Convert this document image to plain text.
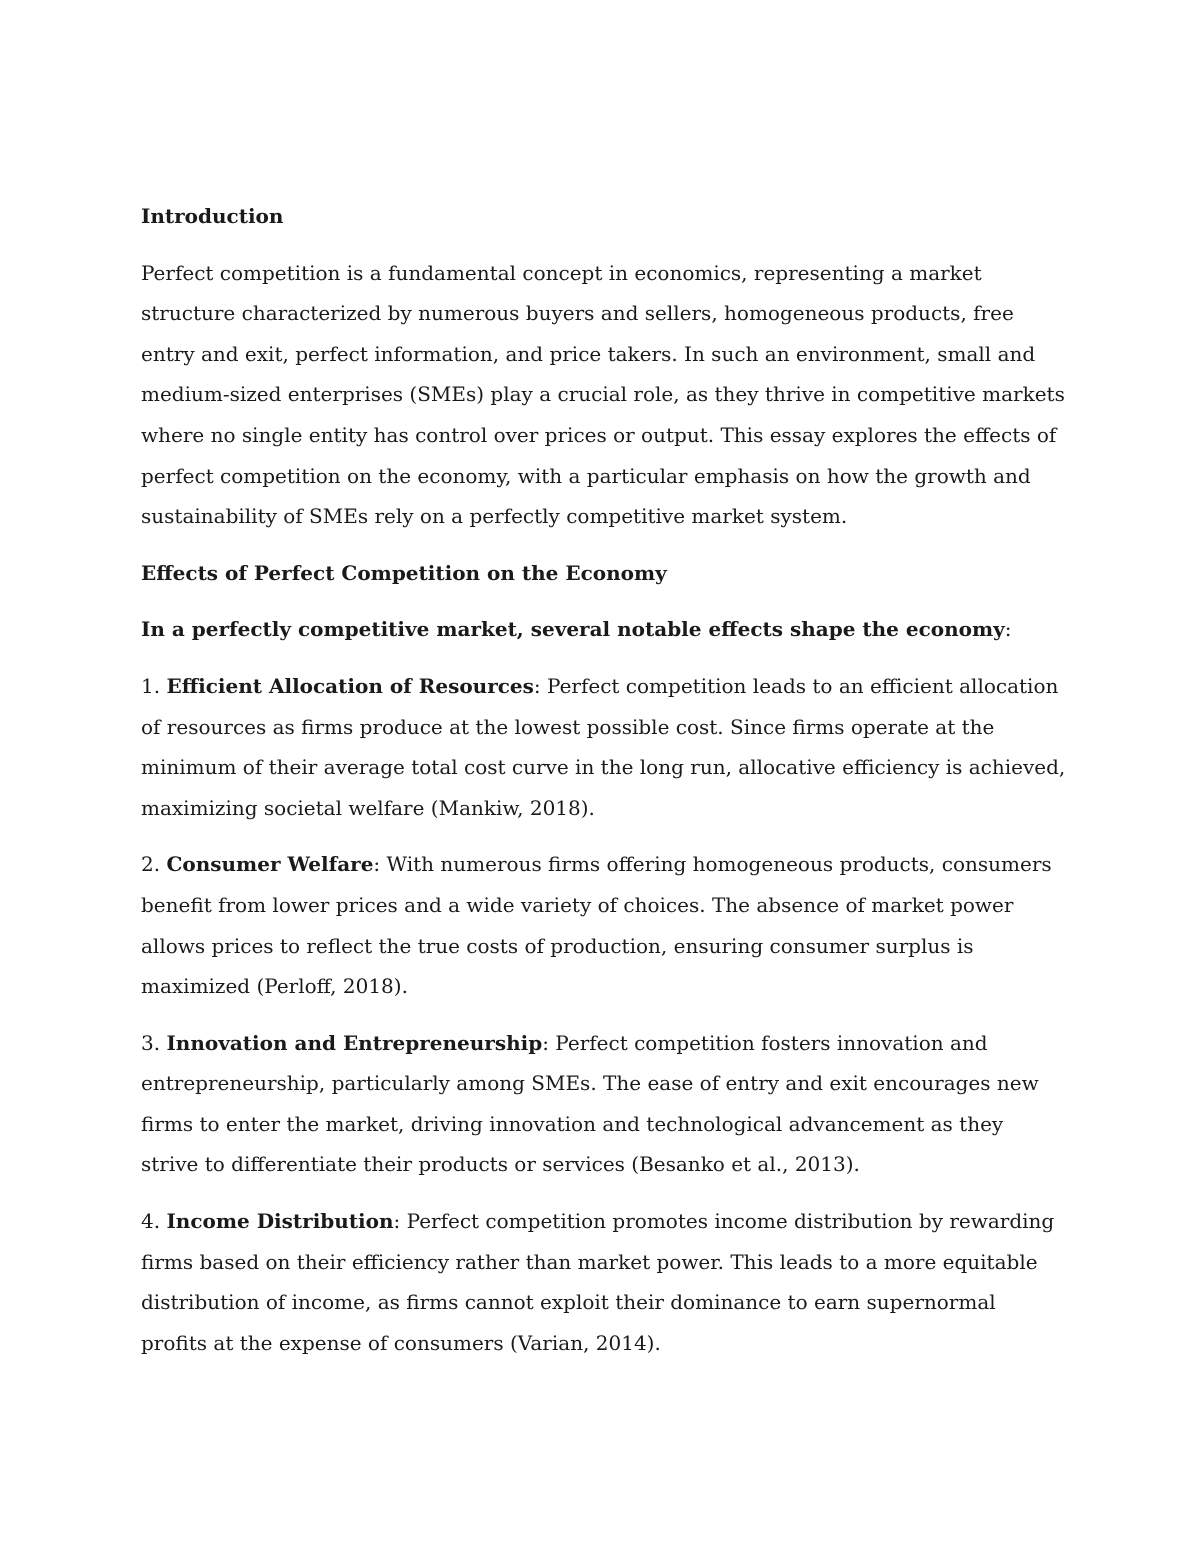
Introduction

Perfect competition is a fundamental concept in economics, representing a market structure characterized by numerous buyers and sellers, homogeneous products, free entry and exit, perfect information, and price takers. In such an environment, small and medium-sized enterprises (SMEs) play a crucial role, as they thrive in competitive markets where no single entity has control over prices or output. This essay explores the effects of perfect competition on the economy, with a particular emphasis on how the growth and sustainability of SMEs rely on a perfectly competitive market system.

Effects of Perfect Competition on the Economy

In a perfectly competitive market, several notable effects shape the economy:

1. Efficient Allocation of Resources: Perfect competition leads to an efficient allocation of resources as firms produce at the lowest possible cost. Since firms operate at the minimum of their average total cost curve in the long run, allocative efficiency is achieved, maximizing societal welfare (Mankiw, 2018).

2. Consumer Welfare: With numerous firms offering homogeneous products, consumers benefit from lower prices and a wide variety of choices. The absence of market power allows prices to reflect the true costs of production, ensuring consumer surplus is maximized (Perloff, 2018).

3. Innovation and Entrepreneurship: Perfect competition fosters innovation and entrepreneurship, particularly among SMEs. The ease of entry and exit encourages new firms to enter the market, driving innovation and technological advancement as they strive to differentiate their products or services (Besanko et al., 2013).

4. Income Distribution: Perfect competition promotes income distribution by rewarding firms based on their efficiency rather than market power. This leads to a more equitable distribution of income, as firms cannot exploit their dominance to earn supernormal profits at the expense of consumers (Varian, 2014).
